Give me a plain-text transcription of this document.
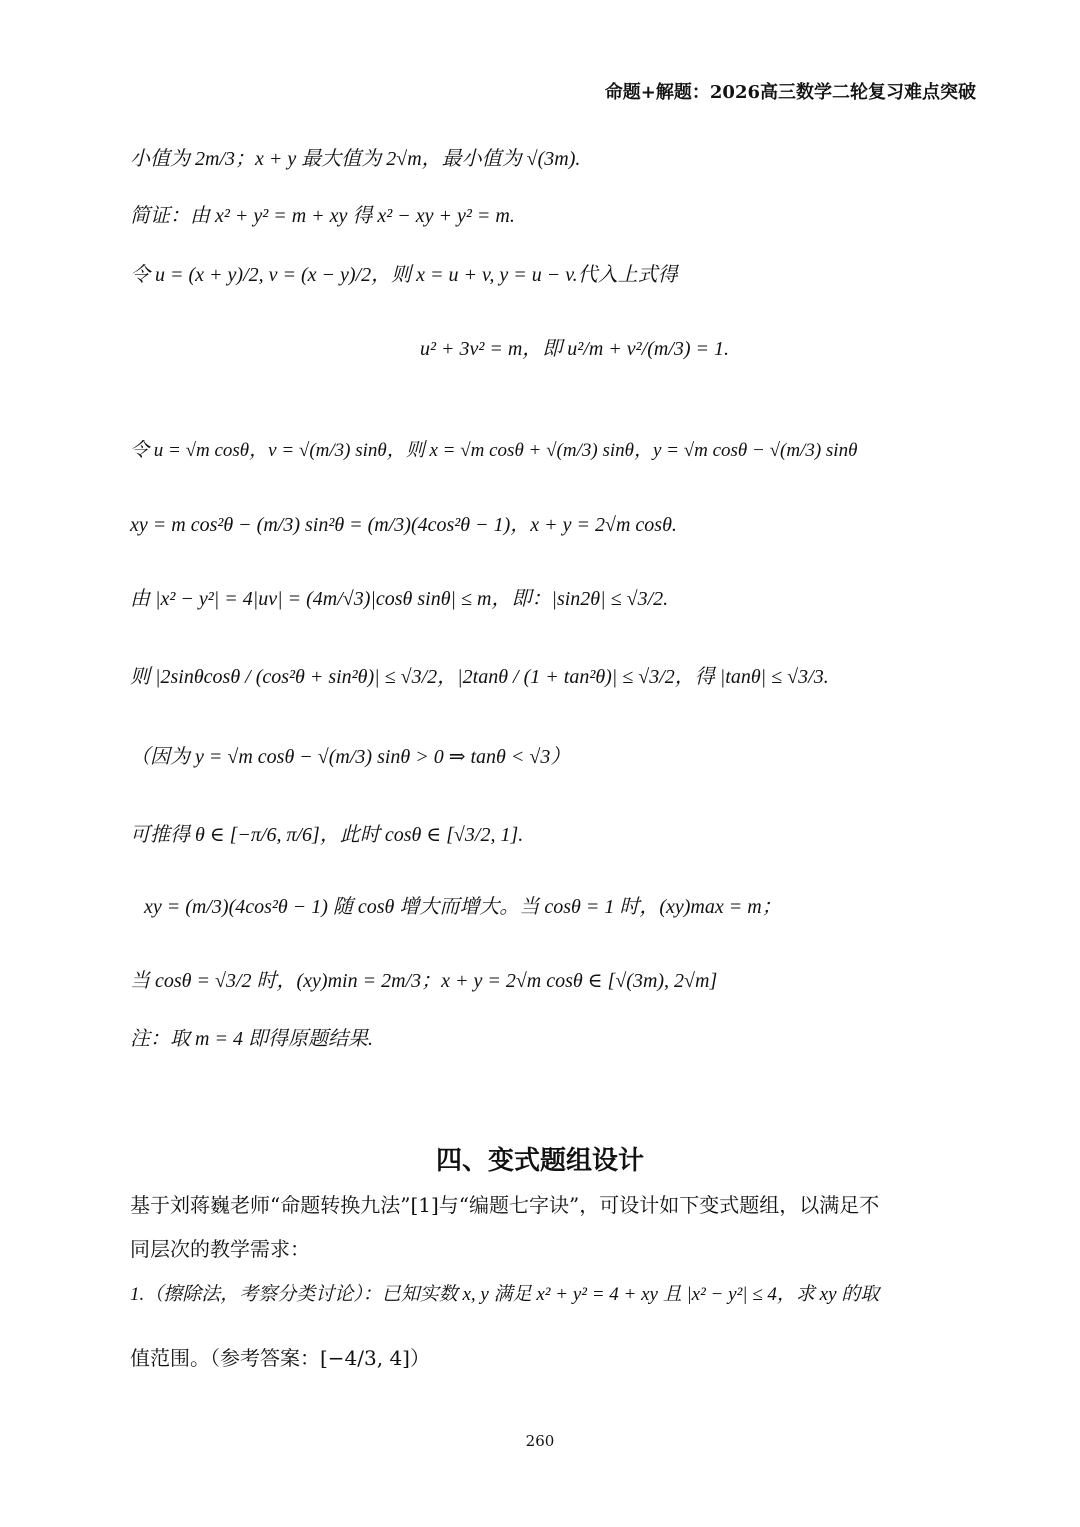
命题+解题：2026高三数学二轮复习难点突破
小值为 2m/3；x + y 最大值为 2√m，最小值为 √(3m).
简证：由 x² + y² = m + xy 得 x² − xy + y² = m.
令 u = (x + y)/2, v = (x − y)/2，则 x = u + v, y = u − v.代入上式得
u² + 3v² = m，即 u²/m + v²/(m/3) = 1.
令 u = √m cosθ，v = √(m/3) sinθ，则 x = √m cosθ + √(m/3) sinθ，y = √m cosθ − √(m/3) sinθ
xy = m cos²θ − (m/3) sin²θ = (m/3)(4cos²θ − 1)，x + y = 2√m cosθ.
由 |x² − y²| = 4|uv| = (4m/√3)|cosθ sinθ| ≤ m，即：|sin2θ| ≤ √3/2.
则 |2sinθcosθ / (cos²θ + sin²θ)| ≤ √3/2，|2tanθ / (1 + tan²θ)| ≤ √3/2，得 |tanθ| ≤ √3/3.
（因为 y = √m cosθ − √(m/3) sinθ > 0 ⇒ tanθ < √3）
可推得 θ ∈ [−π/6, π/6]，此时 cosθ ∈ [√3/2, 1].
xy = (m/3)(4cos²θ − 1) 随 cosθ 增大而增大。当 cosθ = 1 时，(xy)max = m；
当 cosθ = √3/2 时，(xy)min = 2m/3；x + y = 2√m cosθ ∈ [√(3m), 2√m]
注：取 m = 4 即得原题结果.
四、变式题组设计
基于刘蒋巍老师“命题转换九法”[1]与“编题七字诀”，可设计如下变式题组，以满足不
同层次的教学需求：
1.（擦除法，考察分类讨论）：已知实数 x, y 满足 x² + y² = 4 + xy 且 |x² − y²| ≤ 4，求 xy 的取
值范围。（参考答案：[−4/3, 4]）
260
